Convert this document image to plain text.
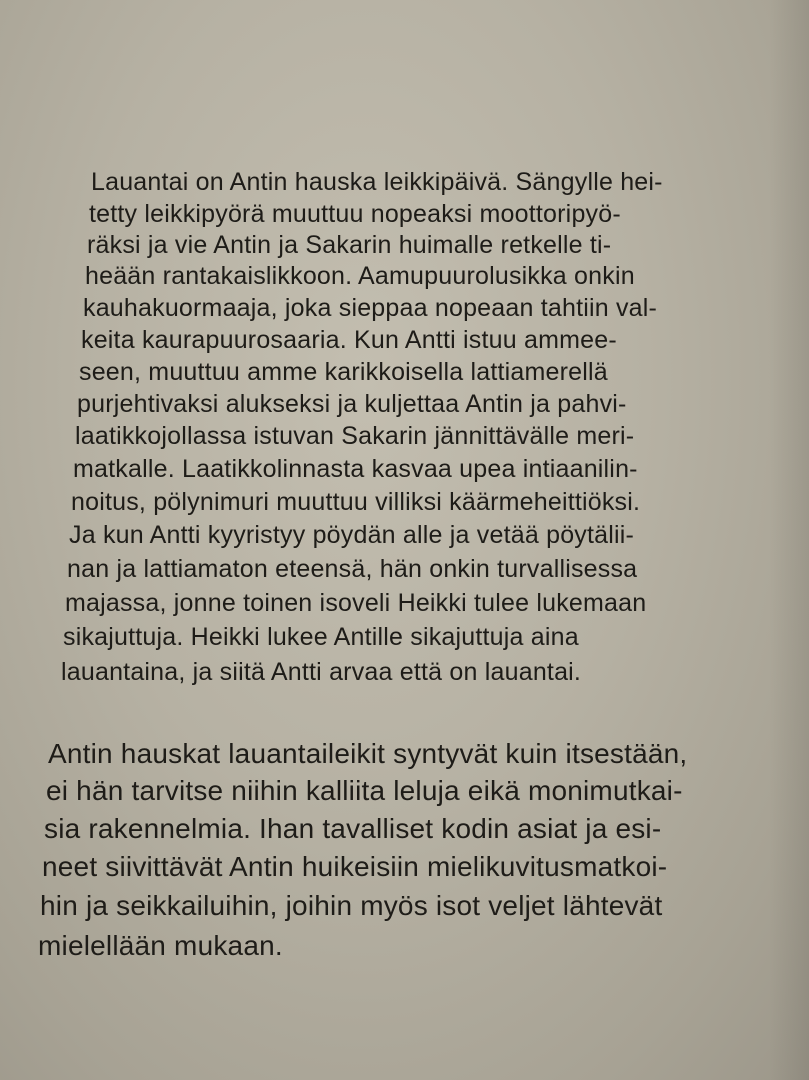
Lauantai on Antin hauska leikkipäivä. Sängylle hei-
tetty leikkipyörä muuttuu nopeaksi moottoripyö-
räksi ja vie Antin ja Sakarin huimalle retkelle ti-
heään rantakaislikkoon. Aamupuurolusikka onkin
kauhakuormaaja, joka sieppaa nopeaan tahtiin val-
keita kaurapuurosaaria. Kun Antti istuu ammee-
seen, muuttuu amme karikkoisella lattiamerellä
purjehtivaksi alukseksi ja kuljettaa Antin ja pahvi-
laatikkojollassa istuvan Sakarin jännittävälle meri-
matkalle. Laatikkolinnasta kasvaa upea intiaanilin-
noitus, pölynimuri muuttuu villiksi käärmeheittiöksi.
Ja kun Antti kyyristyy pöydän alle ja vetää pöytälii-
nan ja lattiamaton eteensä, hän onkin turvallisessa
majassa, jonne toinen isoveli Heikki tulee lukemaan
sikajuttuja. Heikki lukee Antille sikajuttuja aina
lauantaina, ja siitä Antti arvaa että on lauantai.
Antin hauskat lauantaileikit syntyvät kuin itsestään,
ei hän tarvitse niihin kalliita leluja eikä monimutkai-
sia rakennelmia. Ihan tavalliset kodin asiat ja esi-
neet siivittävät Antin huikeisiin mielikuvitusmatkoi-
hin ja seikkailuihin, joihin myös isot veljet lähtevät
mielellään mukaan.
